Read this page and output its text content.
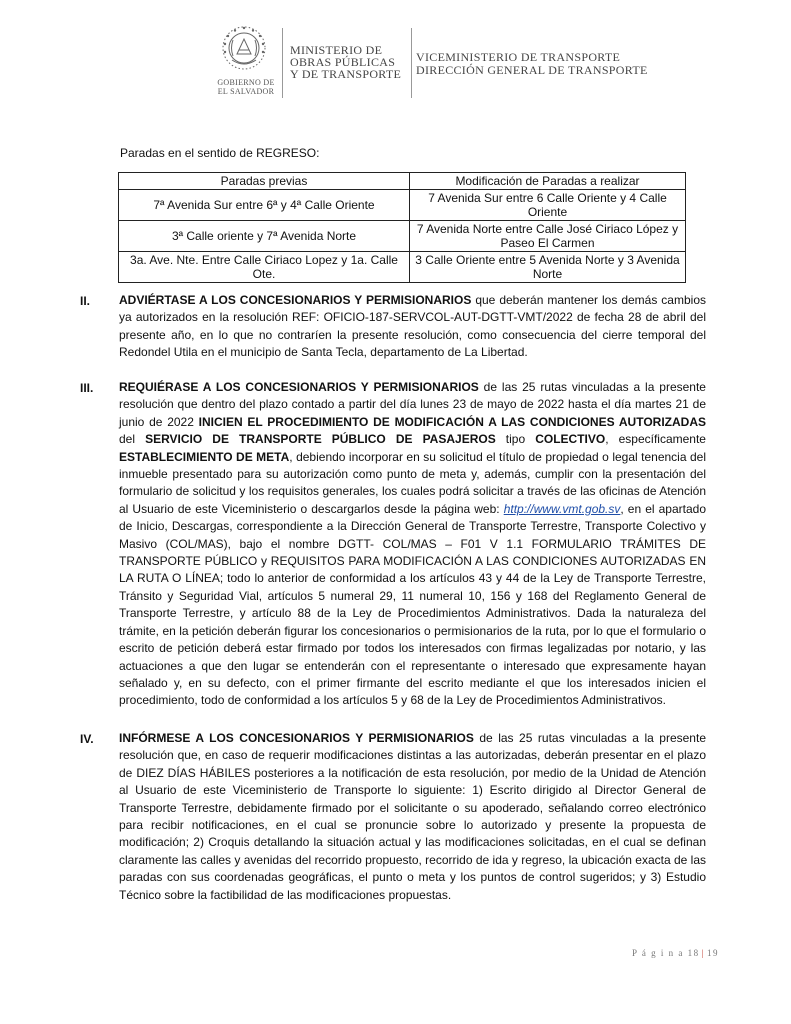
GOBIERNO DE
EL SALVADOR
MINISTERIO DE
OBRAS PÚBLICAS
Y DE TRANSPORTE
VICEMINISTERIO DE TRANSPORTE
DIRECCIÓN GENERAL DE TRANSPORTE
Paradas en el sentido de REGRESO:
Paradas previas	Modificación de Paradas a realizar
7ª Avenida Sur entre 6ª y 4ª Calle Oriente	7 Avenida Sur entre 6 Calle Oriente y 4 Calle Oriente
3ª Calle oriente y 7ª Avenida Norte	7 Avenida Norte entre Calle José Ciriaco López y Paseo El Carmen
3a. Ave. Nte. Entre Calle Ciriaco Lopez y 1a. Calle Ote.	3 Calle Oriente entre 5 Avenida Norte y 3 Avenida Norte
II. ADVIÉRTASE A LOS CONCESIONARIOS Y PERMISIONARIOS que deberán mantener los demás cambios ya autorizados en la resolución REF: OFICIO-187-SERVCOL-AUT-DGTT-VMT/2022 de fecha 28 de abril del presente año, en lo que no contraríen la presente resolución, como consecuencia del cierre temporal del Redondel Utila en el municipio de Santa Tecla, departamento de La Libertad.
III. REQUIÉRASE A LOS CONCESIONARIOS Y PERMISIONARIOS de las 25 rutas vinculadas a la presente resolución que dentro del plazo contado a partir del día lunes 23 de mayo de 2022 hasta el día martes 21 de junio de 2022 INICIEN EL PROCEDIMIENTO DE MODIFICACIÓN A LAS CONDICIONES AUTORIZADAS del SERVICIO DE TRANSPORTE PÚBLICO DE PASAJEROS tipo COLECTIVO, específicamente ESTABLECIMIENTO DE META, debiendo incorporar en su solicitud el título de propiedad o legal tenencia del inmueble presentado para su autorización como punto de meta y, además, cumplir con la presentación del formulario de solicitud y los requisitos generales, los cuales podrá solicitar a través de las oficinas de Atención al Usuario de este Viceministerio o descargarlos desde la página web: http://www.vmt.gob.sv, en el apartado de Inicio, Descargas, correspondiente a la Dirección General de Transporte Terrestre, Transporte Colectivo y Masivo (COL/MAS), bajo el nombre DGTT- COL/MAS – F01 V 1.1 FORMULARIO TRÁMITES DE TRANSPORTE PÚBLICO y REQUISITOS PARA MODIFICACIÓN A LAS CONDICIONES AUTORIZADAS EN LA RUTA O LÍNEA; todo lo anterior de conformidad a los artículos 43 y 44 de la Ley de Transporte Terrestre, Tránsito y Seguridad Vial, artículos 5 numeral 29, 11 numeral 10, 156 y 168 del Reglamento General de Transporte Terrestre, y artículo 88 de la Ley de Procedimientos Administrativos. Dada la naturaleza del trámite, en la petición deberán figurar los concesionarios o permisionarios de la ruta, por lo que el formulario o escrito de petición deberá estar firmado por todos los interesados con firmas legalizadas por notario, y las actuaciones a que den lugar se entenderán con el representante o interesado que expresamente hayan señalado y, en su defecto, con el primer firmante del escrito mediante el que los interesados inicien el procedimiento, todo de conformidad a los artículos 5 y 68 de la Ley de Procedimientos Administrativos.
IV. INFÓRMESE A LOS CONCESIONARIOS Y PERMISIONARIOS de las 25 rutas vinculadas a la presente resolución que, en caso de requerir modificaciones distintas a las autorizadas, deberán presentar en el plazo de DIEZ DÍAS HÁBILES posteriores a la notificación de esta resolución, por medio de la Unidad de Atención al Usuario de este Viceministerio de Transporte lo siguiente: 1) Escrito dirigido al Director General de Transporte Terrestre, debidamente firmado por el solicitante o su apoderado, señalando correo electrónico para recibir notificaciones, en el cual se pronuncie sobre lo autorizado y presente la propuesta de modificación; 2) Croquis detallando la situación actual y las modificaciones solicitadas, en el cual se definan claramente las calles y avenidas del recorrido propuesto, recorrido de ida y regreso, la ubicación exacta de las paradas con sus coordenadas geográficas, el punto o meta y los puntos de control sugeridos; y 3) Estudio Técnico sobre la factibilidad de las modificaciones propuestas.
P á g i n a 18 | 19
